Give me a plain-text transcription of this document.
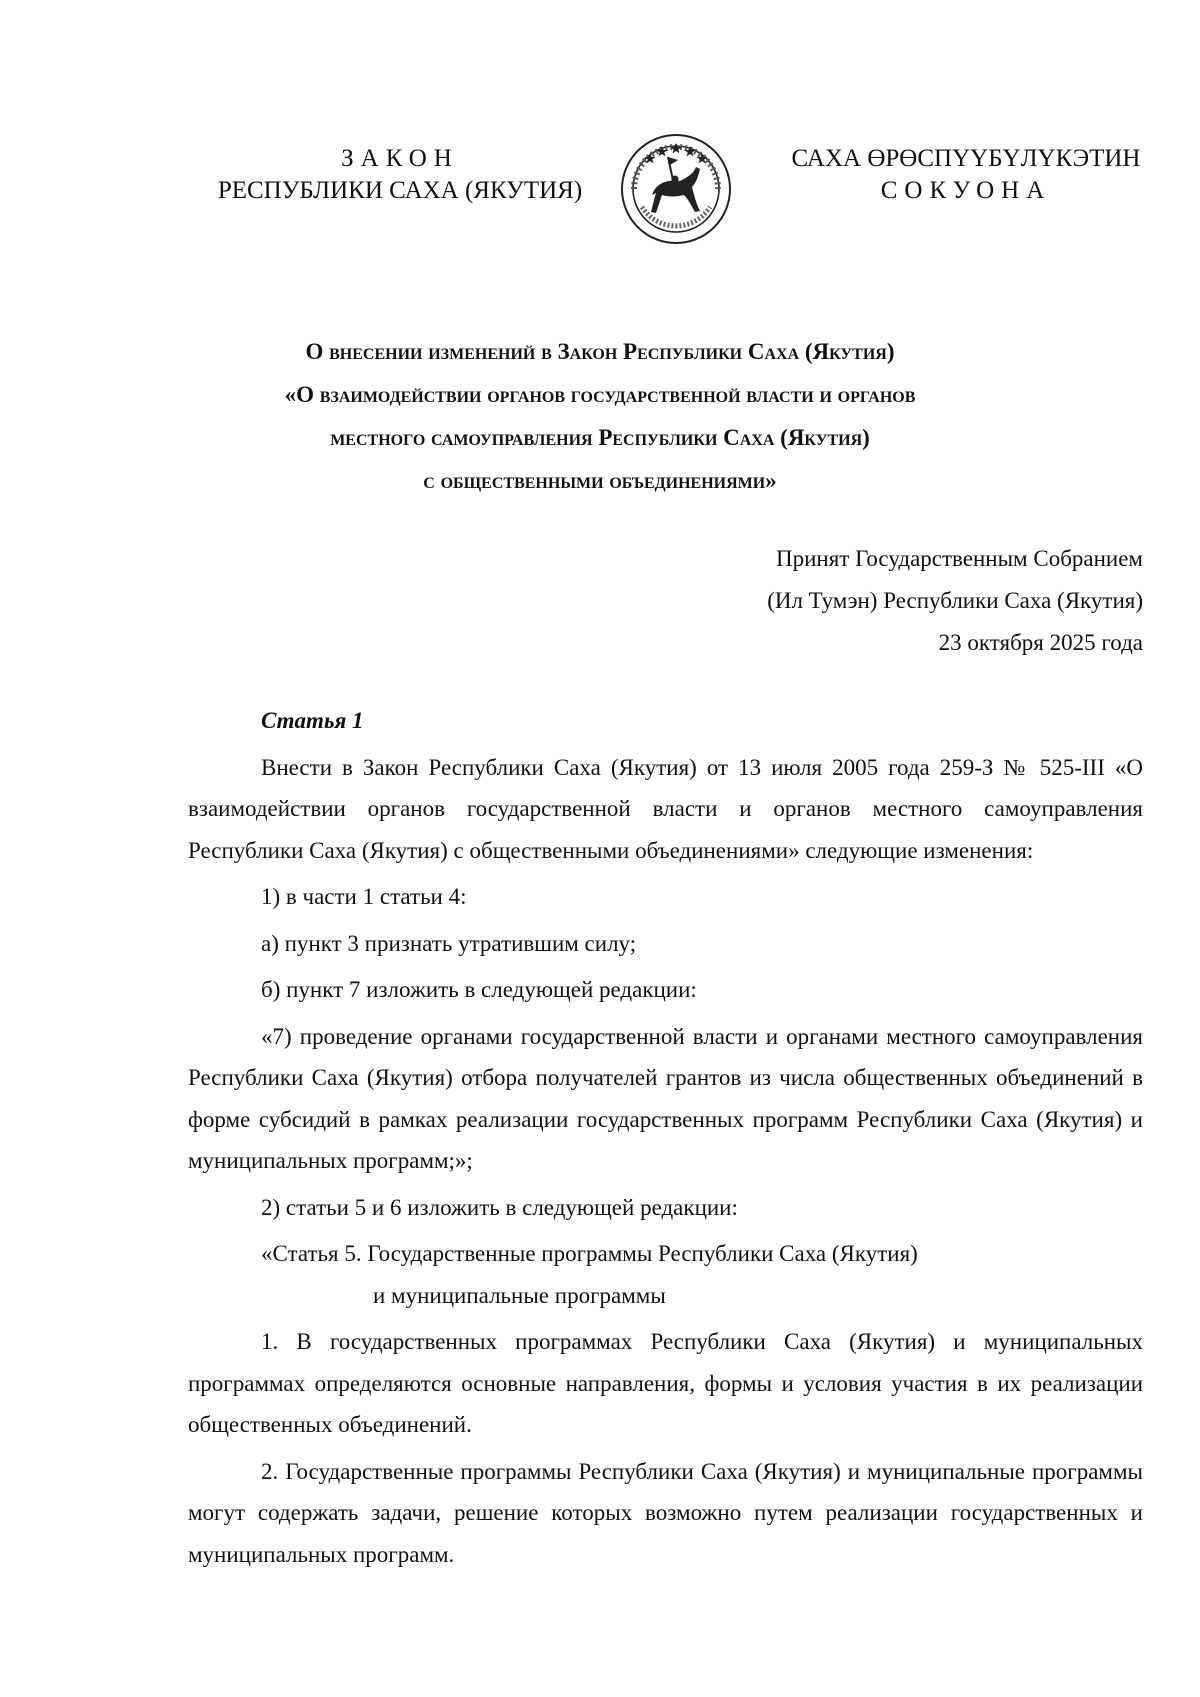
ЗАКОН
РЕСПУБЛИКИ САХА (ЯКУТИЯ)
САХА ӨРӨСПҮҮБҮЛҮКЭТИН
СОКУОНА
О внесении изменений в Закон Республики Саха (Якутия)
«О взаимодействии органов государственной власти и органов
местного самоуправления Республики Саха (Якутия)
с общественными объединениями»
Принят Государственным Собранием
(Ил Тумэн) Республики Саха (Якутия)
23 октября 2025 года

Статья 1

Внести в Закон Республики Саха (Якутия) от 13 июля 2005 года 259-З № 525-III «О взаимодействии органов государственной власти и органов местного самоуправления Республики Саха (Якутия) с общественными объединениями» следующие изменения:

1) в части 1 статьи 4:

а) пункт 3 признать утратившим силу;

б) пункт 7 изложить в следующей редакции:

«7) проведение органами государственной власти и органами местного самоуправления Республики Саха (Якутия) отбора получателей грантов из числа общественных объединений в форме субсидий в рамках реализации государственных программ Республики Саха (Якутия) и муниципальных программ;»;

2) статьи 5 и 6 изложить в следующей редакции:

«Статья 5. Государственные программы Республики Саха (Якутия)

и муниципальные программы

1. В государственных программах Республики Саха (Якутия) и муниципальных программах определяются основные направления, формы и условия участия в их реализации общественных объединений.

2. Государственные программы Республики Саха (Якутия) и муниципальные программы могут содержать задачи, решение которых возможно путем реализации государственных и муниципальных программ.
